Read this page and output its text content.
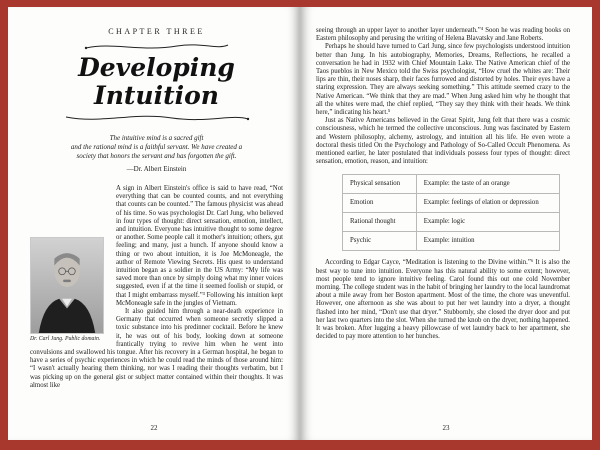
CHAPTER THREE
Developing Intuition
The intuitive mind is a sacred gift
and the rational mind is a faithful servant. We have created a
society that honors the servant and has forgotten the gift.
—Dr. Albert Einstein
Dr. Carl Jung. Public domain.

A sign in Albert Einstein's office is said to have read, “Not everything that can be counted counts, and not everything that counts can be counted.” The famous physicist was ahead of his time. So was psychologist Dr. Carl Jung, who believed in four types of thought: direct sensation, emotion, intellect, and intuition. Everyone has intuitive thought to some degree or another. Some people call it mother's intuition; others, gut feeling; and many, just a hunch. If anyone should know a thing or two about intuition, it is Joe McMoneagle, the author of Remote Viewing Secrets. His quest to understand intuition began as a soldier in the US Army: “My life was saved more than once by simply doing what my inner voices suggested, even if at the time it seemed foolish or stupid, or that I might embarrass myself.”³ Following his intuition kept McMoneagle safe in the jungles of Vietnam.

It also guided him through a near-death experience in Germany that occurred when someone secretly slipped a toxic substance into his predinner cocktail. Before he knew it, he was out of his body, looking down at someone frantically trying to revive him when he went into convulsions and swallowed his tongue. After his recovery in a German hospital, he began to have a series of psychic experiences in which he could read the minds of those around him: “I wasn't actually hearing them thinking, nor was I reading their thoughts verbatim, but I was picking up on the general gist or subject matter contained within their thoughts. It was almost like

22

seeing through an upper layer to another layer underneath.”⁴ Soon he was reading books on Eastern philosophy and perusing the writing of Helena Blavatsky and Jane Roberts.

Perhaps he should have turned to Carl Jung, since few psychologists understood intuition better than Jung. In his autobiography, Memories, Dreams, Reflections, he recalled a conversation he had in 1932 with Chief Mountain Lake. The Native American chief of the Taos pueblos in New Mexico told the Swiss psychologist, “How cruel the whites are: Their lips are thin, their noses sharp, their faces furrowed and distorted by holes. Their eyes have a staring expression. They are always seeking something.” This attitude seemed crazy to the Native American. “We think that they are mad.” When Jung asked him why he thought that all the whites were mad, the chief replied, “They say they think with their heads. We think here,” indicating his heart.⁵

Just as Native Americans believed in the Great Spirit, Jung felt that there was a cosmic consciousness, which he termed the collective unconscious. Jung was fascinated by Eastern and Western philosophy, alchemy, astrology, and intuition all his life. He even wrote a doctoral thesis titled On the Psychology and Pathology of So-Called Occult Phenomena. As mentioned earlier, he later postulated that individuals possess four types of thought: direct sensation, emotion, reason, and intuition:

Physical sensation	Example: the taste of an orange
Emotion	Example: feelings of elation or depression
Rational thought	Example: logic
Psychic	Example: intuition

According to Edgar Cayce, “Meditation is listening to the Divine within.”⁶ It is also the best way to tune into intuition. Everyone has this natural ability to some extent; however, most people tend to ignore intuitive feeling. Carol found this out one cold November morning. The college student was in the habit of bringing her laundry to the local laundromat about a mile away from her Boston apartment. Most of the time, the chore was uneventful. However, one afternoon as she was about to put her wet laundry into a dryer, a thought flashed into her mind, “Don't use that dryer.” Stubbornly, she closed the dryer door and put her last two quarters into the slot. When she turned the knob on the dryer, nothing happened. It was broken. After lugging a heavy pillowcase of wet laundry back to her apartment, she decided to pay more attention to her hunches.

23
